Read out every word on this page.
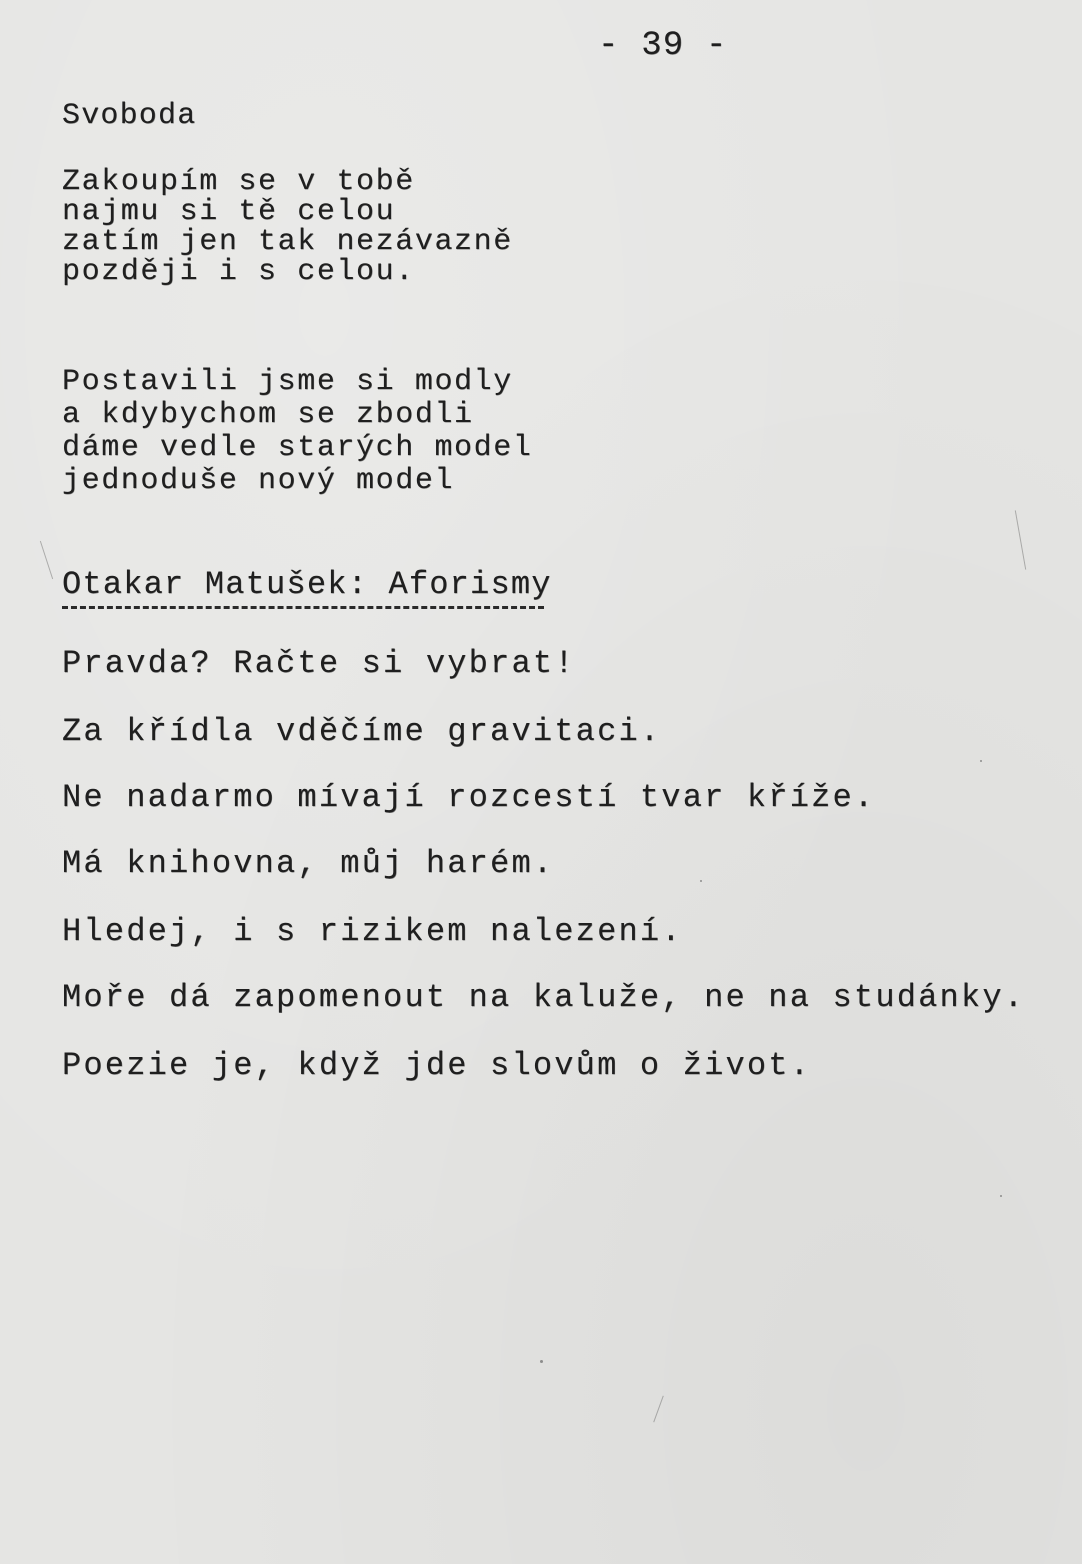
- 39 -
Svoboda
Zakoupím se v tobě
najmu si tě celou
zatím jen tak nezávazně
později i s celou.
Postavili jsme si modly
a kdybychom se zbodli
dáme vedle starých model
jednoduše nový model
Otakar Matušek: Aforismy
Pravda? Račte si vybrat!
Za křídla vděčíme gravitaci.
Ne nadarmo mívají rozcestí tvar kříže.
Má knihovna, můj harém.
Hledej, i s rizikem nalezení.
Moře dá zapomenout na kaluže, ne na studánky.
Poezie je, když jde slovům o život.
